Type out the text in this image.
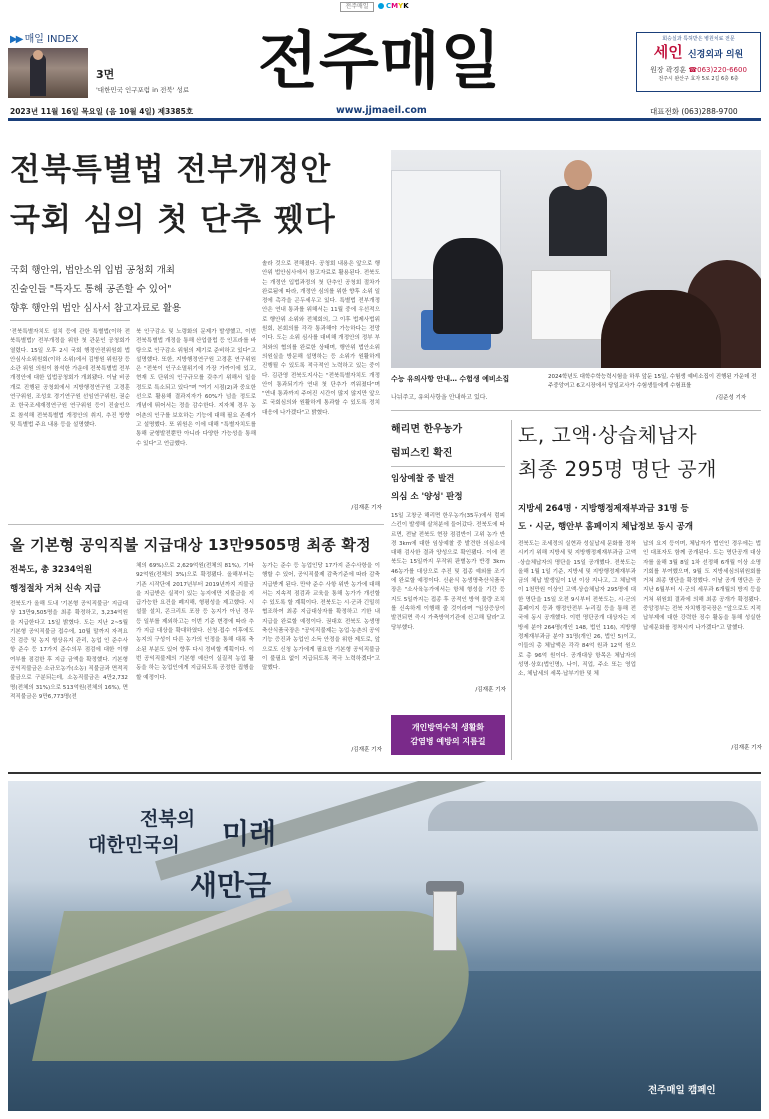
전주매일	CMYK
▶▶ 매일 INDEX
3면
'대한민국 인구포럼 in 전북' 성료 전주매일	회승실과 특허받은 병원치료 전문
세인 신경외과 의원
원장 곽경훈 ☎063)220-6600
전주시 완산구 효자 5로 2길 6층 6층
2023년 11월 16일 목요일 (음 10월 4일) 제3385호	www.jjmaeil.com	대표전화 (063)288-9700
전북특별법 전부개정안
국회 심의 첫 단추 뀄다
국회 행안위, 법안소위 입법 공청회 개최
진술인들 "특자도 통해 공존할 수 있어"
향후 행안위 법안 심사서 참고자료로 활용
'전북특별자치도 설치 등에 관한 특별법(이하 전북특별법)' 전부개정을 위한 첫 관문인 공청회가 열렸다. 15일 오후 2시 국회 행정안전위원회 법안심사소위원회(이하 소위)에서 김병원 위원장 등 소관 위원 의원이 참석한 가운데 전북특별법 전부개정안에 대한 입법공청회가 개최됐다. 이날 비공개로 진행된 공청회에서 지방행정연구원 고경훈 연구위원, 조성호 경기연구원 선임연구위원, 권순조 한국조세재정연구원 연구위원 등이 진술인으로 참석해 전북특별법 개정안의 취지, 추진 방향 및 특별법 주요 내용 등을 설명했다.
북 인구감소 및 노령화의 문제가 발생했고, 이번 전북특별법 개정을 통해 산업클럽 등 인프라를 바탕으로 인구감소 위험의 제기로 준비하고 있다"고 설명했다. 또한, 지방행정연구원 고경훈 연구위원은 "전북이 인구소멸위기에 가장 가까이에 있고, 현재 도 단위의 인구규모를 갖추기 위해서 일을 정도로 특소되고 있다"며 "여기 시점(2)과 중요한 선으로 활용해 결과지자가 60%가 넘을 정도로 개념에 뛰어서는 정을 감수한다. 지자체 경우 농어촌의 인구를 보호하는 기능에 대해 필요 존재가 고 설명했다. 또 위원은 이에 대해 "특별자치도를 통해 균형발전뿐만 아니라 다양한 가능성을 통해 수 있다"고 언급했다.
솔라 것으로 전해졌다. 공청회 내용은 앞으로 행안위 법안심사에서 참고자료로 활용된다. 전북도는 개정안 입법과정의 첫 단추인 공청회 절차가 완료됨에 따라, 개정안 심의를 위한 향후 소위 일정에 촉각을 곤두세우고 있다. 특별법 전부개정안은 연내 통과를 위해서는 11월 중에 우선적으로 행안위 소위와 전체회의, 그 이후 법제사법위원회, 본회의를 각각 통과해야 가능하다는 전망이다. 도는 소위 심사를 대비해 개정안의 정부 부처와의 협의를 완료한 상태며, 행안위 법안소위 의원실을 방문해 설명하는 등 소위가 원활하게 진행될 수 있도록 적극적인 노력하고 있는 중이다. 김관영 전북도지사는 "전북특별자치도 개정안이 통과되기가 연내 첫 단추가 끼워졌다"며 "연내 통과까지 주어진 시간이 많지 않지만 앞으로 국회심의와 원활하게 통과할 수 있도록 정치 대응에 나가겠다"고 밝혔다.
/김재훈 기자
수능 유의사항 안내… 수험생 예비소집
나뉘주고, 유의사항을 안내하고 있다.
2024학년도 대학수학능력시험을 하루 앞둔 15일, 수험생 예비소집이 진행된 가운데 전주중앙여고 6고시장에서 당일교사가 수험생들에게 수험표를
/김준성 기자
해리면 한우농가
럼피스킨 확진
임상예찰 중 발견
의심 소 '양성' 판정
15일 고창군 해리면 한우농가(35두)에서 럼피스킨이 발생해 살처분에 들어갔다. 전북도에 따르면, 전날 전북도 현장 점검반이 고위 농가 반경 3km에 대한 임상예찰 중 발견한 의심소에 대해 검사한 결과 양성으로 확인됐다. 이에 전북도는 15일까지 무작위 판별농가 반경 3km 46농가를 대상으로 추진 및 접종 예외를 조기에 완료할 예정이다. 신윤식 농생명축산식품국장은 "소사육농가에서는 항체 형성을 기간 등 지도 5일까지는 접종 후 공적인 방역 물량 조치를 신속하게 이행해 줄 것이라며 "임상증상이 발견되면 즉시 가축방역기관에 신고해 달라"고 당부했다.
/김재훈 기자
개인방역수칙 생활화
감염병 예방의 지름길
도, 고액·상습체납자
최종 295명 명단 공개
지방세 264명 · 지방행정제재부과금 31명 등
도 · 시군, 행안부 홈페이지 체납정보 동시 공개
전북도는 조세정의 실현과 성실납세 문화를 정착시키기 위해 지방세 및 지방행정제재부과금 고액·상습체납자의 명단을 15일 공개했다. 전북도는 올해 1월 1일 기준, 지방세 및 지방행정제재부과금의 체납 발생일이 1년 이상 지나고, 그 체납액이 1천만원 이상인 고액·상습체납자 295명에 대한 명단을 15일 오전 9시부터 전북도는, 시·군의 홈페이지 등과 행정안전부 누리집 등을 통해 전국에 동시 공개했다. 이번 명단공개 대상자는 지방세 분야 264명(개인 148, 법인 116), 지방행정제재부과금 분야 31명(개인 26, 법인 5)이고, 이들의 총 체납액은 각각 84억 원과 12억 원으로 총 96억 원이다. 공개대상 항목은 체납자의 성명·상호(법인명), 나이, 직업, 주소 또는 영업소, 체납세의 세목·납부기한 및 체
납의 요지 등이며, 체납자가 법인인 경우에는 법인 대표자도 함께 공개된다. 도는 명단공개 대상자를 올해 3월 8일 1차 선정해 6개월 이상 소명기회를 부여했으며, 9월 도 지방세심의위원회를 거쳐 최종 명단을 확정했다. 이날 공개 명단은 공 지난 6월부터 시·군의 세무과 6개월의 방지 등을 거쳐 위원회 결과에 의해 최종 공개가 확정됐다. 중앙정부는 전북 자치행정국장은 "앞으로도 지적납부제에 대한 강력한 징수 활동을 통해 성실한 납세문화를 정착시켜 나가겠다"고 말했다.
/김재훈 기자
올 기본형 공익직불 지급대상 13만9505명 최종 확정
전북도, 총 3234억원
행정절차 거쳐 신속 지급
전북도가 올해 도내 '기본형 공익직불금' 지급대상 13만9,505명을 최종 확정하고, 3,234억원을 지급한다고 15일 밝혔다. 도는 지난 2~5월 기본형 공익직불금 접수에, 10월 말까지 자격요건 검증 및 농지 형상유지 관리, 농업 인 준수사항 준수 등 17가지 준수의무 점검에 대한 이행 여부를 점검한 후 지급 금액을 확정했다. 기본형 공익직불금은 소규모농가(소농) 직불금과 면적직불금으로 구분되는데, 소농직불금은 4만2,732명(전체의 31%)으로 513억원(전체의 16%), 면적직불금은 9만6,773명(전
체의 69%)으로 2,629억원(전체의 81%), 기타 92억원(전체의 3%)으로 확정됐다. 올해부터는 기존 시작단에 2017년부터 2019년까지 지불금을 지급받은 실적이 있는 농지에만 지불금을 지급가능한 요건을 폐지해, 형평성을 제고했다. 시설물 설치, 콘크리트 포장 등 농지가 아닌 경우 등 일부를 제외하고는 이번 기준 변경에 따라 추가 지급 대상을 확대하였다. 신청·접수 이후에도 농지의 구성이 다른 농가의 인정을 통해 대폭 축소된 부분도 있어 향후 다시 정비할 계획이다. 이번 공익직불제의 기본형 예산이 실질적 농업 활동을 하는 농업인에게 지급되도록 공정한 집행을 할 예정이다.
농가는 준수 등 농업인당 17가지 준수사항을 이행할 수 있어, 공익직불제 감축기준에 따라 감축 지급받게 된다. 만약 준수 사항 위반 농가에 대해서는 지속적 점검과 교육을 통해 농가가 개선할 수 있도록 할 계획이다. 전북도는 시·군과 긴밀히 협조하여 최종 지급대상자를 확정하고 기한 내 지급을 완료할 예정이다. 권대호 전북도 농생명축산식품국장은 "공익직불제는 농업·농촌의 공익기능 증진과 농업인 소득 안정을 위한 제도로, 앞으로도 신청 농가에게 필요한 기본형 공익직불금이 불필요 없이 지급되도록 적극 노력하겠다"고 말했다.
/김재훈 기자
전북의
대한민국의 미래
새만금
전주매일 캠페인
